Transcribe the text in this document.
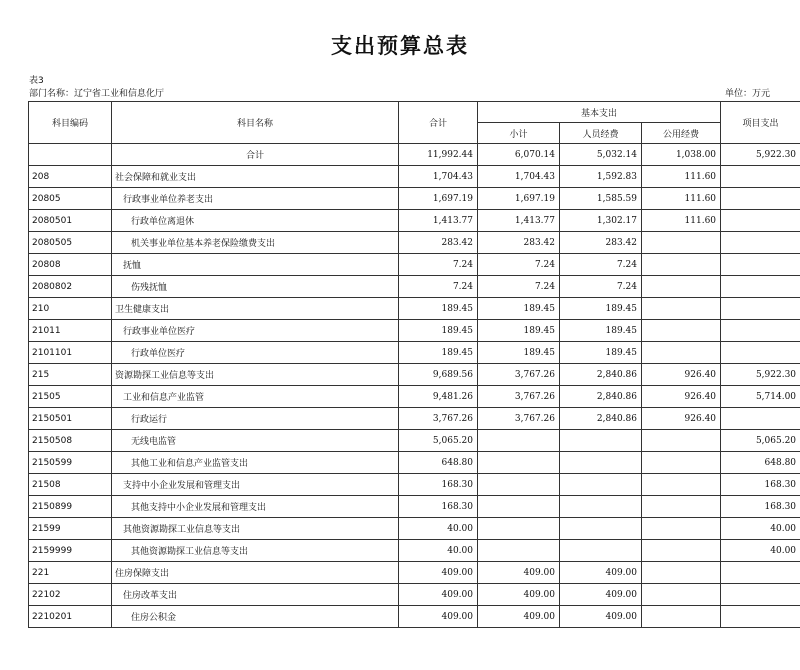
支出预算总表
表3
部门名称：辽宁省工业和信息化厅	单位：万元
科目编码	科目名称	合计	基本支出			项目支出
			小计	人员经费	公用经费	
	合计	11,992.44	6,070.14	5,032.14	1,038.00	5,922.30
208	社会保障和就业支出	1,704.43	1,704.43	1,592.83	111.60	
20805	行政事业单位养老支出	1,697.19	1,697.19	1,585.59	111.60	
2080501	行政单位离退休	1,413.77	1,413.77	1,302.17	111.60	
2080505	机关事业单位基本养老保险缴费支出	283.42	283.42	283.42		
20808	抚恤	7.24	7.24	7.24		
2080802	伤残抚恤	7.24	7.24	7.24		
210	卫生健康支出	189.45	189.45	189.45		
21011	行政事业单位医疗	189.45	189.45	189.45		
2101101	行政单位医疗	189.45	189.45	189.45		
215	资源勘探工业信息等支出	9,689.56	3,767.26	2,840.86	926.40	5,922.30
21505	工业和信息产业监管	9,481.26	3,767.26	2,840.86	926.40	5,714.00
2150501	行政运行	3,767.26	3,767.26	2,840.86	926.40	
2150508	无线电监管	5,065.20				5,065.20
2150599	其他工业和信息产业监管支出	648.80				648.80
21508	支持中小企业发展和管理支出	168.30				168.30
2150899	其他支持中小企业发展和管理支出	168.30				168.30
21599	其他资源勘探工业信息等支出	40.00				40.00
2159999	其他资源勘探工业信息等支出	40.00				40.00
221	住房保障支出	409.00	409.00	409.00		
22102	住房改革支出	409.00	409.00	409.00		
2210201	住房公积金	409.00	409.00	409.00		
